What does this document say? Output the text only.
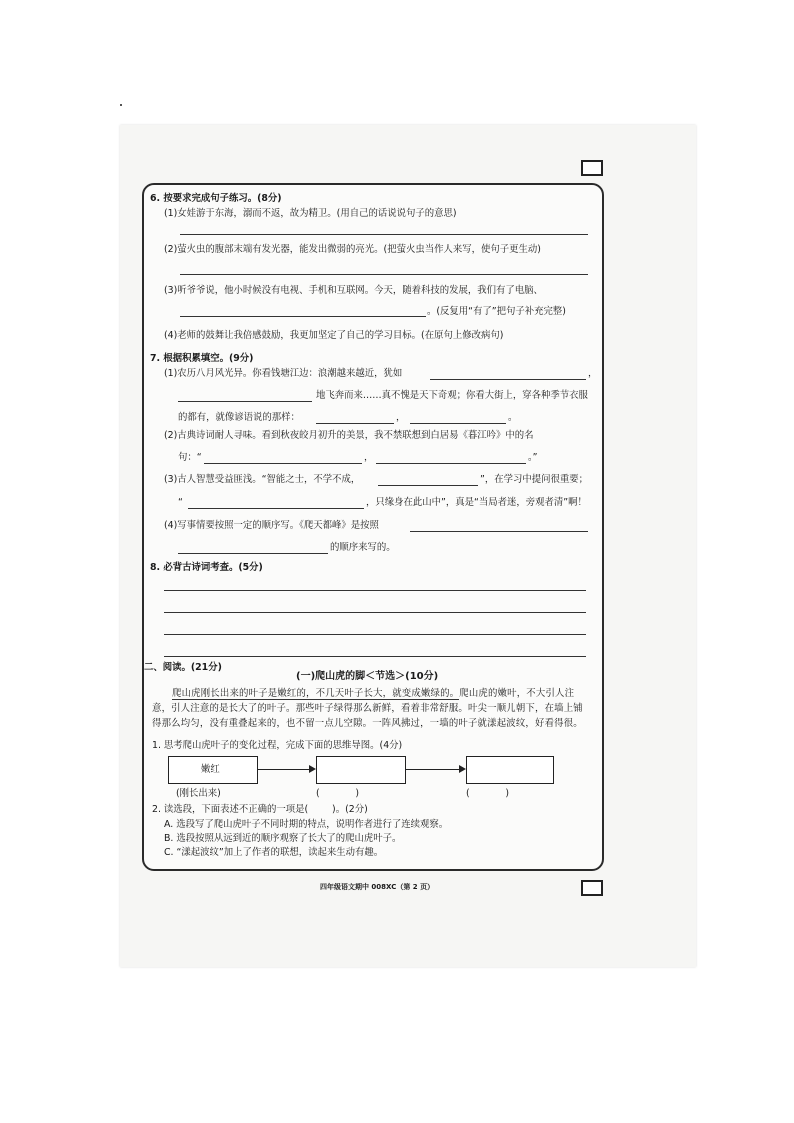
6. 按要求完成句子练习。(8分)
(1)女娃游于东海，溺而不返，故为精卫。(用自己的话说说句子的意思)
(2)萤火虫的腹部末端有发光器，能发出微弱的亮光。(把萤火虫当作人来写，使句子更生动)
(3)听爷爷说，他小时候没有电视、手机和互联网。今天，随着科技的发展，我们有了电脑、
。(反复用“有了”把句子补充完整)
(4)老师的鼓舞让我倍感鼓励，我更加坚定了自己的学习目标。(在原句上修改病句)
7. 根据积累填空。(9分)
(1)农历八月风光异。你看钱塘江边：浪潮越来越近，犹如	，
地飞奔而来……真不愧是天下奇观；你看大街上，穿各种季节衣服
的都有，就像谚语说的那样：	，	。
(2)古典诗词耐人寻味。看到秋夜皎月初升的美景，我不禁联想到白居易《暮江吟》中的名
句：“	，	。”
(3)古人智慧受益匪浅。“智能之士，不学不成，	”，在学习中提问很重要；
“	，只缘身在此山中”，真是“当局者迷，旁观者清”啊！
(4)写事情要按照一定的顺序写。《爬天都峰》是按照
的顺序来写的。
8. 必背古诗词考查。(5分)
二、阅读。(21分)
(一)爬山虎的脚＜节选＞(10分)
爬山虎刚长出来的叶子是嫩红的，不几天叶子长大，就变成嫩绿的。爬山虎的嫩叶，不大引人注意，引人注意的是长大了的叶子。那些叶子绿得那么新鲜，看着非常舒服。叶尖一顺儿朝下，在墙上铺得那么均匀，没有重叠起来的，也不留一点儿空隙。一阵风拂过，一墙的叶子就漾起波纹，好看得很。
1. 思考爬山虎叶子的变化过程，完成下面的思维导图。(4分)
嫩红
(刚长出来)	(            )	(            )
2. 读选段，下面表述不正确的一项是(        )。(2分)
A. 选段写了爬山虎叶子不同时期的特点，说明作者进行了连续观察。
B. 选段按照从远到近的顺序观察了长大了的爬山虎叶子。
C. “漾起波纹”加上了作者的联想，读起来生动有趣。
四年级语文期中 008XC（第 2 页）
